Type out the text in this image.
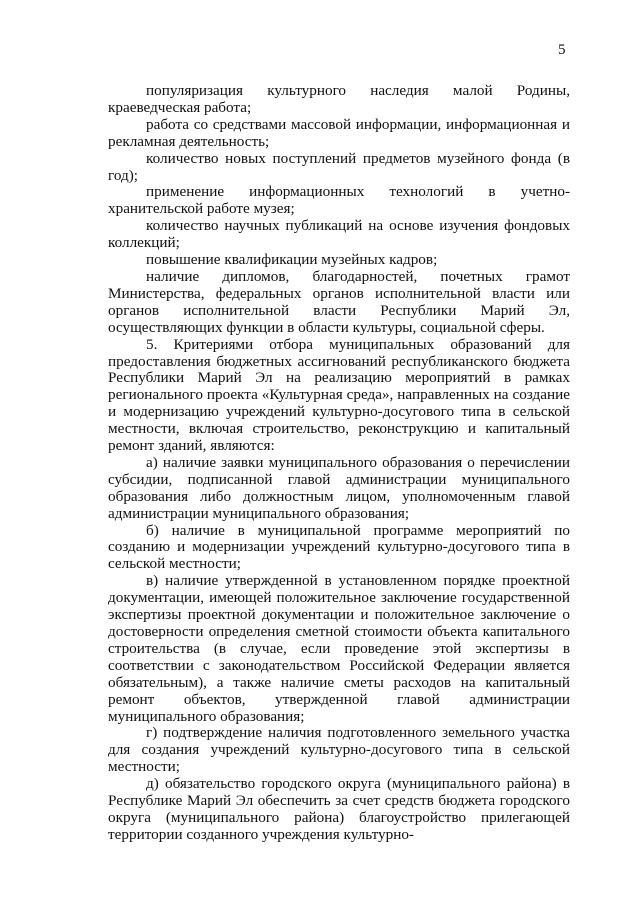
5

популяризация культурного наследия малой Родины, краеведческая работа;

работа со средствами массовой информации, информационная и рекламная деятельность;

количество новых поступлений предметов музейного фонда (в год);

применение информационных технологий в учетно-хранительской работе музея;

количество научных публикаций на основе изучения фондовых коллекций;

повышение квалификации музейных кадров;

наличие дипломов, благодарностей, почетных грамот Министерства, федеральных органов исполнительной власти или органов исполнительной власти Республики Марий Эл, осуществляющих функции в области культуры, социальной сферы.

5. Критериями отбора муниципальных образований для предоставления бюджетных ассигнований республиканского бюджета Республики Марий Эл на реализацию мероприятий в рамках регионального проекта «Культурная среда», направленных на создание и модернизацию учреждений культурно-досугового типа в сельской местности, включая строительство, реконструкцию и капитальный ремонт зданий, являются:

а) наличие заявки муниципального образования о перечислении субсидии, подписанной главой администрации муниципального образования либо должностным лицом, уполномоченным главой администрации муниципального образования;

б) наличие в муниципальной программе мероприятий по созданию и модернизации учреждений культурно-досугового типа в сельской местности;

в) наличие утвержденной в установленном порядке проектной документации, имеющей положительное заключение государственной экспертизы проектной документации и положительное заключение о достоверности определения сметной стоимости объекта капитального строительства (в случае, если проведение этой экспертизы в соответствии с законодательством Российской Федерации является обязательным), а также наличие сметы расходов на капитальный ремонт объектов, утвержденной главой администрации муниципального образования;

г) подтверждение наличия подготовленного земельного участка для создания учреждений культурно-досугового типа в сельской местности;

д) обязательство городского округа (муниципального района) в Республике Марий Эл обеспечить за счет средств бюджета городского округа (муниципального района) благоустройство прилегающей территории созданного учреждения культурно-
